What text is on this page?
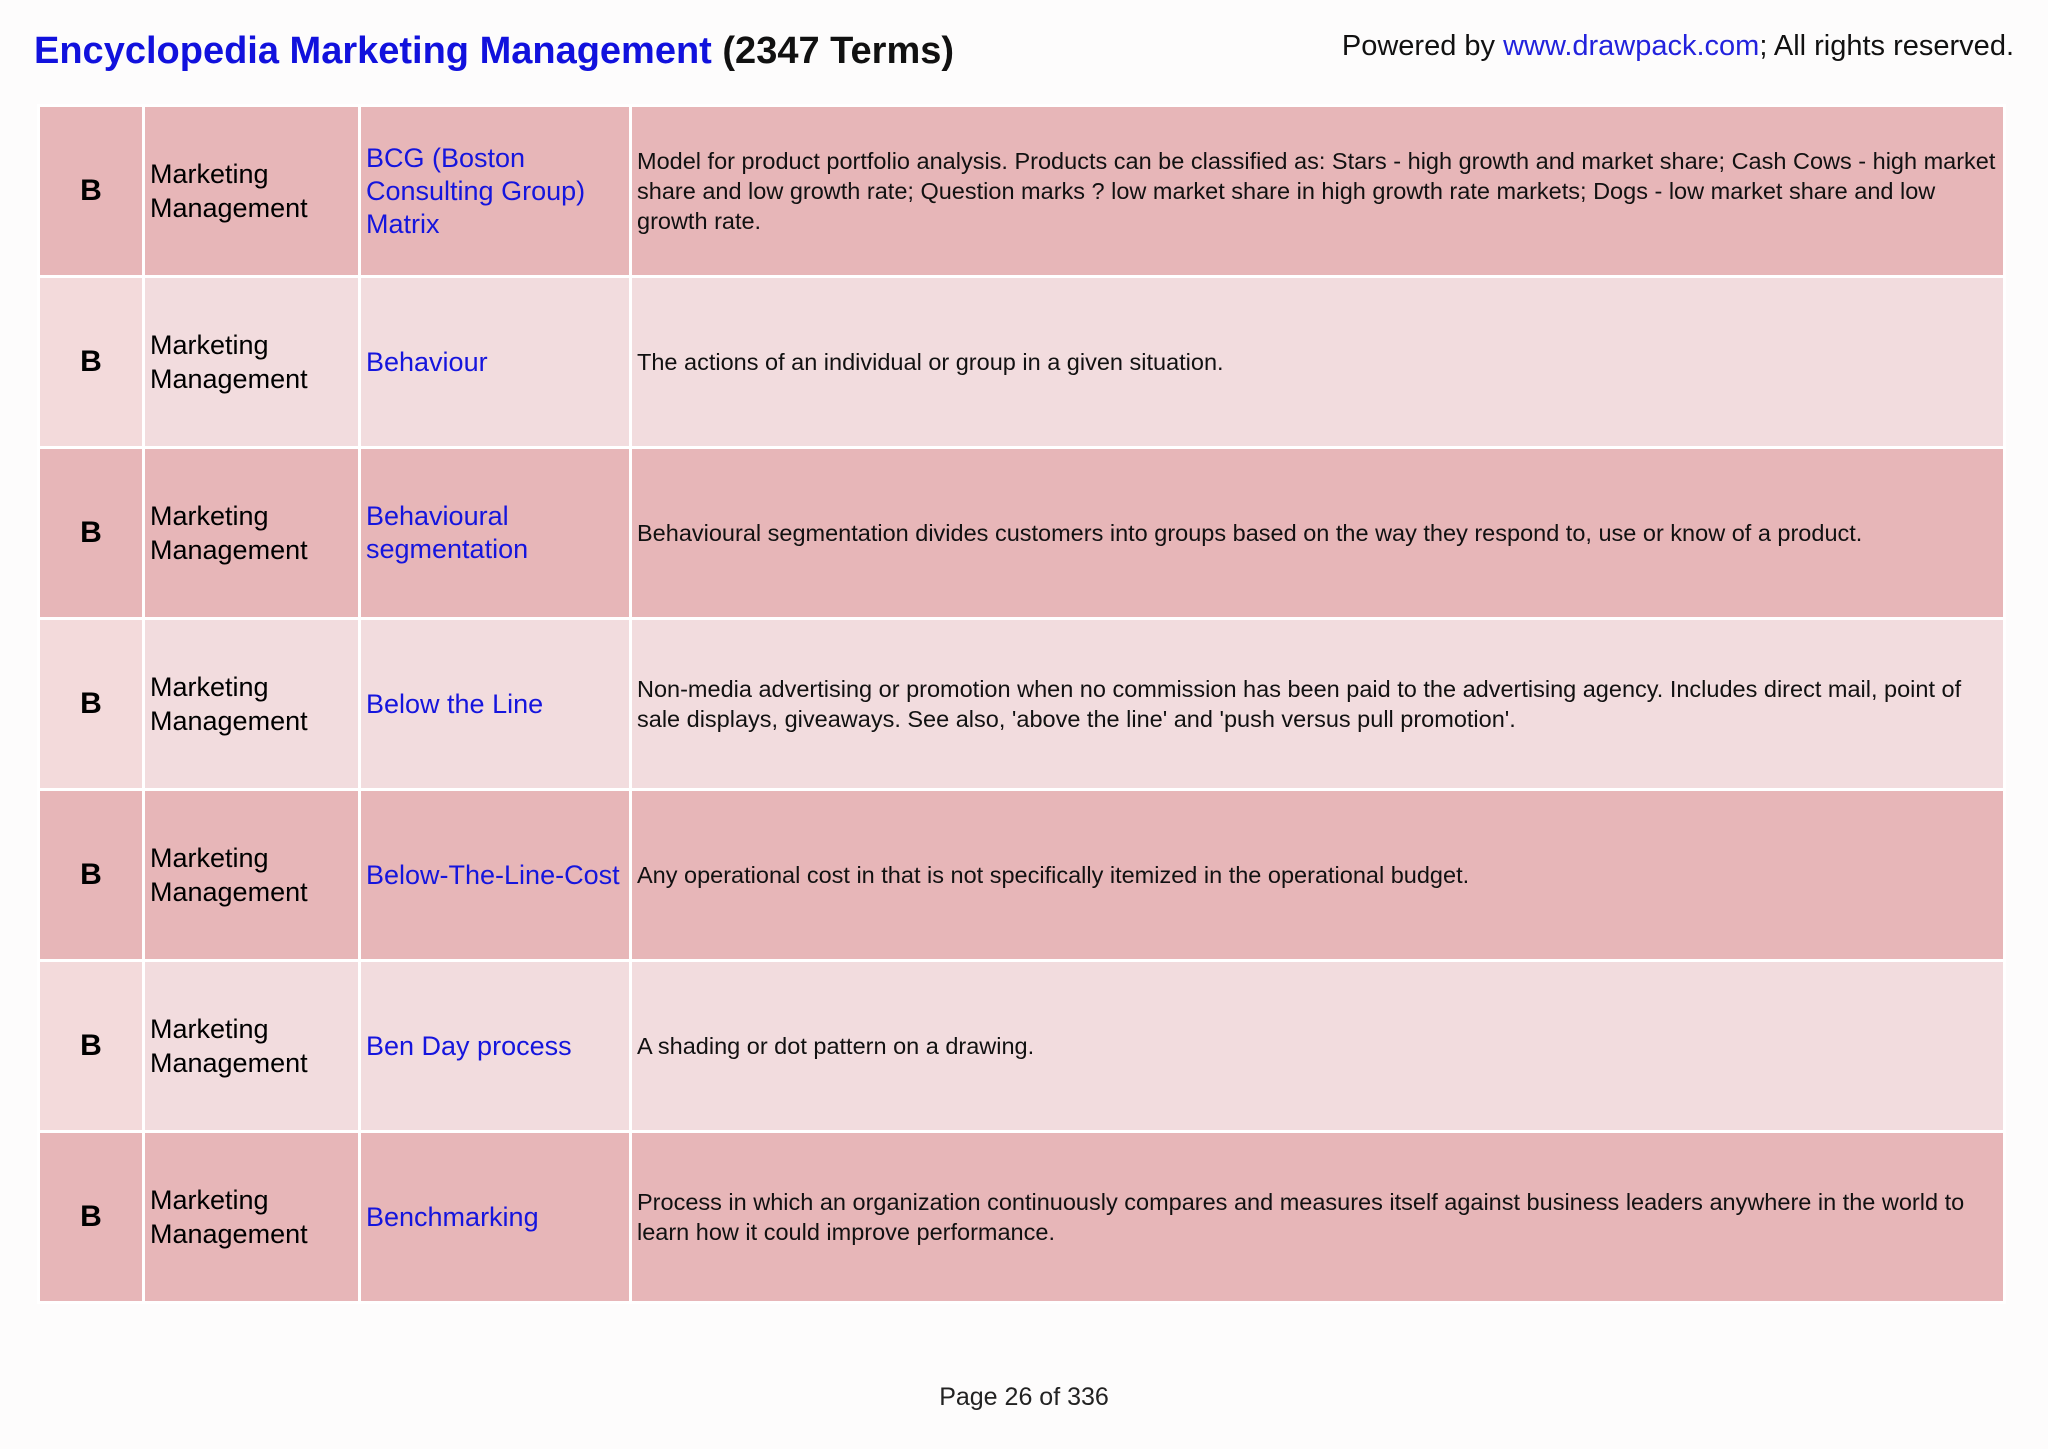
Encyclopedia Marketing Management (2347 Terms)	Powered by www.drawpack.com; All rights reserved.
B	Marketing Management	BCG (Boston Consulting Group) Matrix	Model for product portfolio analysis. Products can be classified as: Stars - high growth and market share; Cash Cows - high market share and low growth rate; Question marks ? low market share in high growth rate markets; Dogs - low market share and low growth rate.
B	Marketing Management	Behaviour	The actions of an individual or group in a given situation.
B	Marketing Management	Behavioural segmentation	Behavioural segmentation divides customers into groups based on the way they respond to, use or know of a product.
B	Marketing Management	Below the Line	Non-media advertising or promotion when no commission has been paid to the advertising agency. Includes direct mail, point of sale displays, giveaways. See also, 'above the line' and 'push versus pull promotion'.
B	Marketing Management	Below-The-Line-Cost	Any operational cost in that is not specifically itemized in the operational budget.
B	Marketing Management	Ben Day process	A shading or dot pattern on a drawing.
B	Marketing Management	Benchmarking	Process in which an organization continuously compares and measures itself against business leaders anywhere in the world to learn how it could improve performance.
Page 26 of 336
